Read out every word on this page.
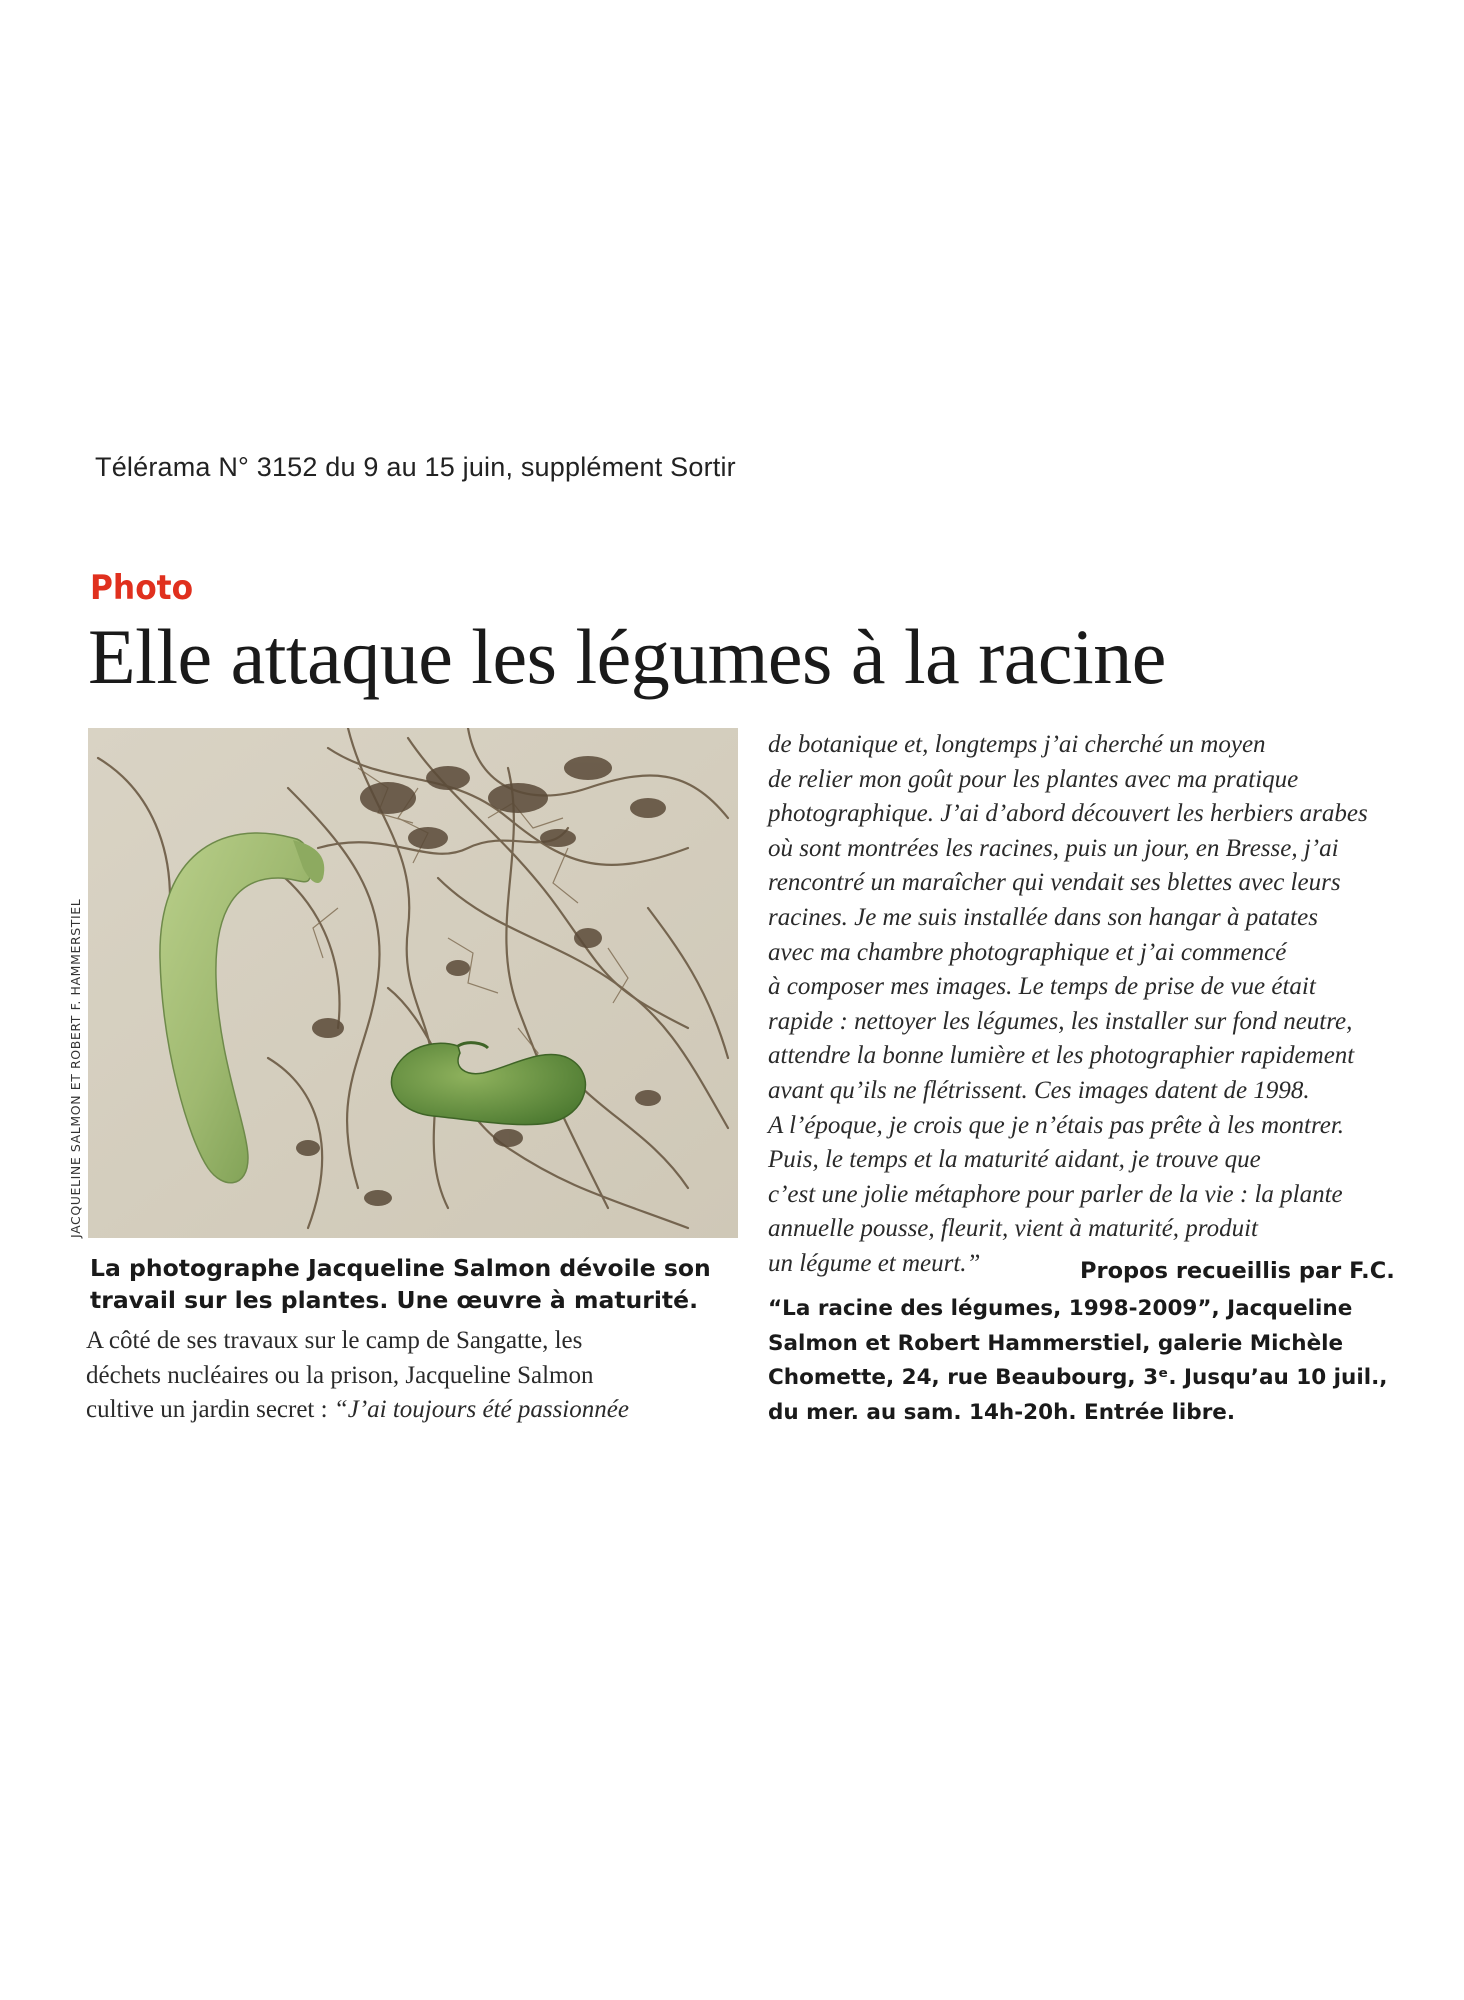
Télérama N° 3152 du 9 au 15 juin, supplément Sortir
Photo
Elle attaque les légumes à la racine
JACQUELINE SALMON ET ROBERT F. HAMMERSTIEL
La photographe Jacqueline Salmon dévoile son
travail sur les plantes. Une œuvre à maturité.
A côté de ses travaux sur le camp de Sangatte, les
déchets nucléaires ou la prison, Jacqueline Salmon
cultive un jardin secret : “J’ai toujours été passionnée
de botanique et, longtemps j’ai cherché un moyen
de relier mon goût pour les plantes avec ma pratique
photographique. J’ai d’abord découvert les herbiers arabes
où sont montrées les racines, puis un jour, en Bresse, j’ai
rencontré un maraîcher qui vendait ses blettes avec leurs
racines. Je me suis installée dans son hangar à patates
avec ma chambre photographique et j’ai commencé
à composer mes images. Le temps de prise de vue était
rapide : nettoyer les légumes, les installer sur fond neutre,
attendre la bonne lumière et les photographier rapidement
avant qu’ils ne flétrissent. Ces images datent de 1998.
A l’époque, je crois que je n’étais pas prête à les montrer.
Puis, le temps et la maturité aidant, je trouve que
c’est une jolie métaphore pour parler de la vie : la plante
annuelle pousse, fleurit, vient à maturité, produit
un légume et meurt.”	Propos recueillis par F.C.
“La racine des légumes, 1998-2009”, Jacqueline
Salmon et Robert Hammerstiel, galerie Michèle
Chomette, 24, rue Beaubourg, 3ᵉ. Jusqu’au 10 juil.,
du mer. au sam. 14h-20h. Entrée libre.
